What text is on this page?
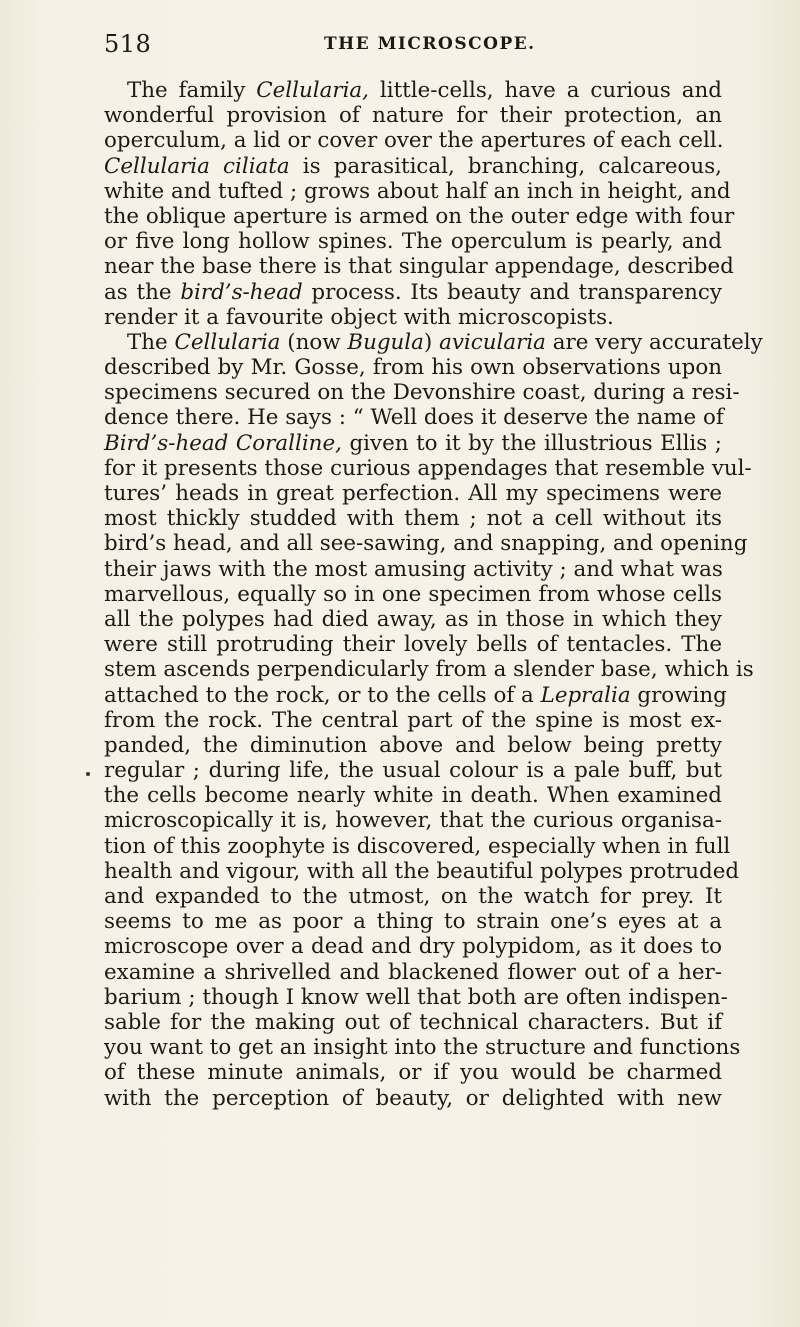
518	THE MICROSCOPE.
The family Cellularia, little-cells, have a curious and
wonderful provision of nature for their protection, an
operculum, a lid or cover over the apertures of each cell.
Cellularia ciliata is parasitical, branching, calcareous,
white and tufted ; grows about half an inch in height, and
the oblique aperture is armed on the outer edge with four
or five long hollow spines. The operculum is pearly, and
near the base there is that singular appendage, described
as the bird’s-head process. Its beauty and transparency
render it a favourite object with microscopists.
The Cellularia (now Bugula) avicularia are very accurately
described by Mr. Gosse, from his own observations upon
specimens secured on the Devonshire coast, during a resi-
dence there. He says : “ Well does it deserve the name of
Bird’s-head Coralline, given to it by the illustrious Ellis ;
for it presents those curious appendages that resemble vul-
tures’ heads in great perfection. All my specimens were
most thickly studded with them ; not a cell without its
bird’s head, and all see-sawing, and snapping, and opening
their jaws with the most amusing activity ; and what was
marvellous, equally so in one specimen from whose cells
all the polypes had died away, as in those in which they
were still protruding their lovely bells of tentacles. The
stem ascends perpendicularly from a slender base, which is
attached to the rock, or to the cells of a Lepralia growing
from the rock. The central part of the spine is most ex-
panded, the diminution above and below being pretty
regular ; during life, the usual colour is a pale buff, but
the cells become nearly white in death. When examined
microscopically it is, however, that the curious organisa-
tion of this zoophyte is discovered, especially when in full
health and vigour, with all the beautiful polypes protruded
and expanded to the utmost, on the watch for prey. It
seems to me as poor a thing to strain one’s eyes at a
microscope over a dead and dry polypidom, as it does to
examine a shrivelled and blackened flower out of a her-
barium ; though I know well that both are often indispen-
sable for the making out of technical characters. But if
you want to get an insight into the structure and functions
of these minute animals, or if you would be charmed
with the perception of beauty, or delighted with new
